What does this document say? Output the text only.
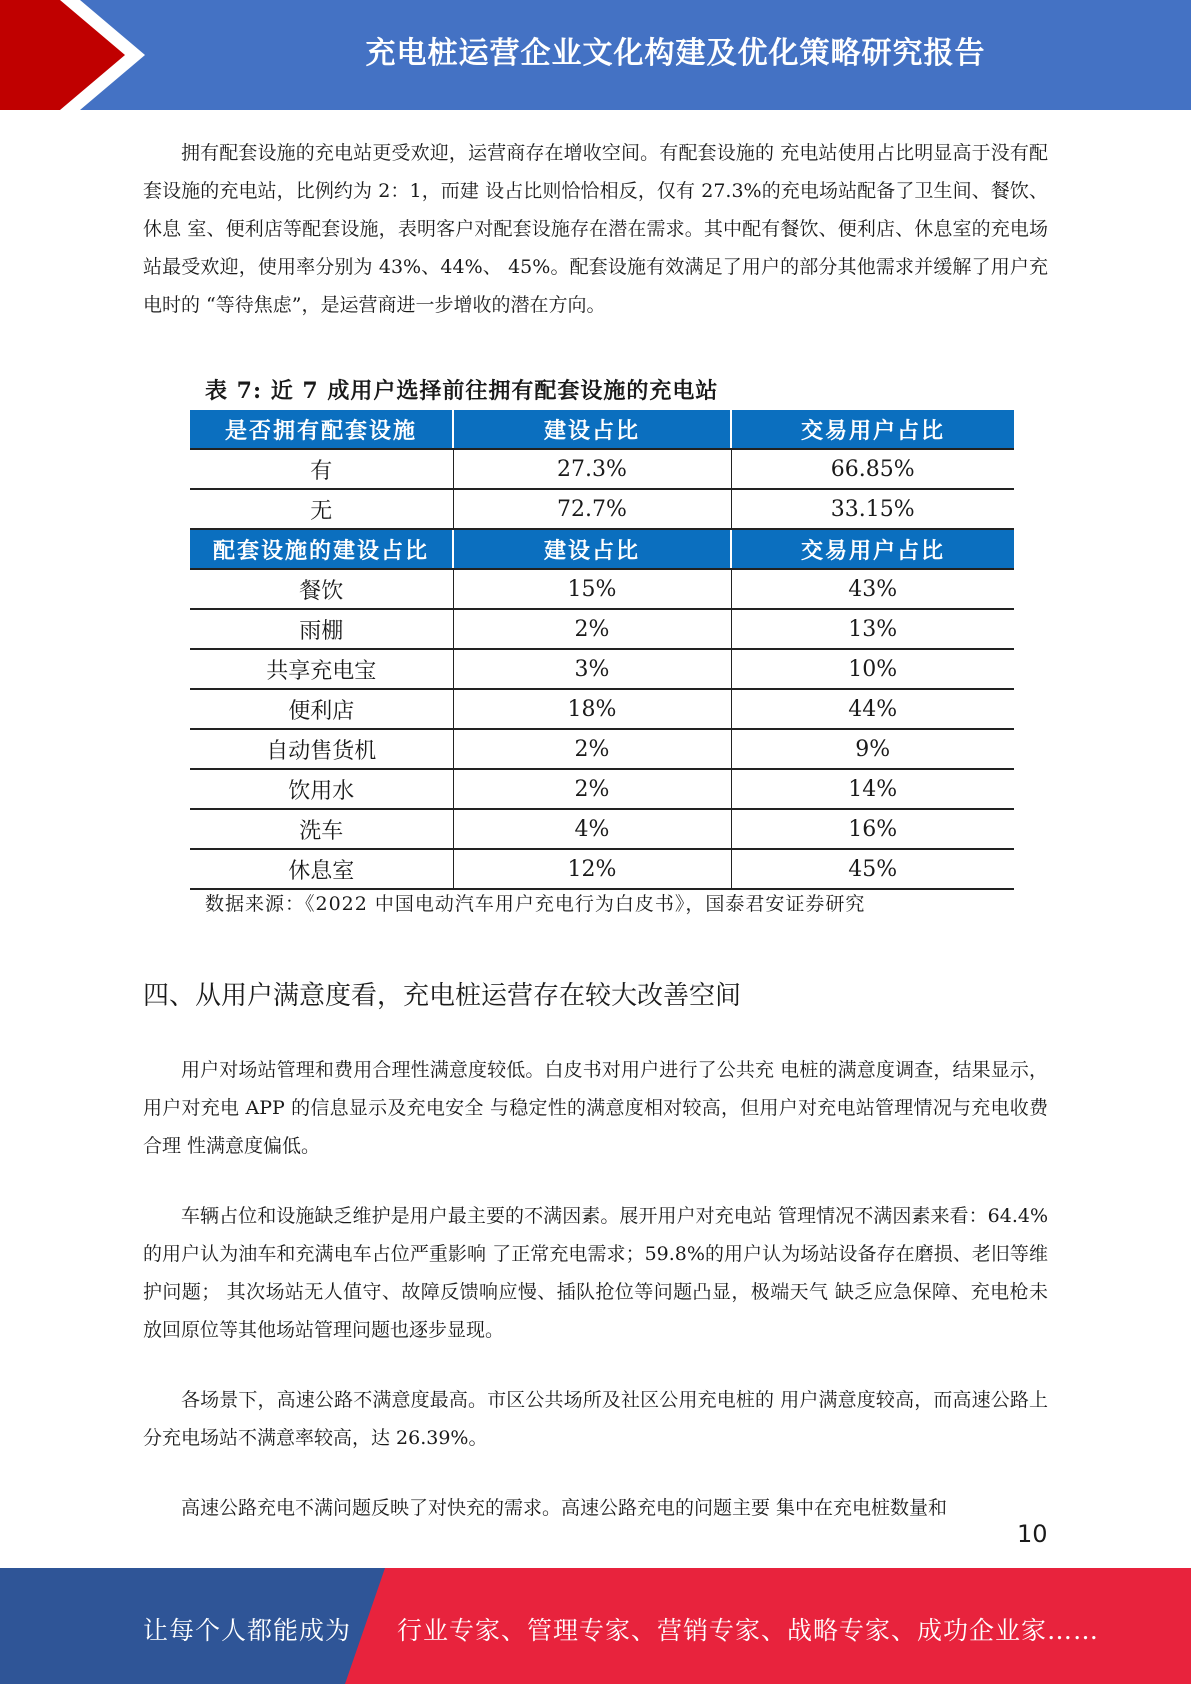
充电桩运营企业文化构建及优化策略研究报告

拥有配套设施的充电站更受欢迎，运营商存在增收空间。有配套设施的 充电站使用占比明显高于没有配套设施的充电站，比例约为 2：1，而建 设占比则恰恰相反，仅有 27.3%的充电场站配备了卫生间、餐饮、休息 室、便利店等配套设施，表明客户对配套设施存在潜在需求。其中配有餐饮、便利店、休息室的充电场站最受欢迎，使用率分别为 43%、44%、 45%。配套设施有效满足了用户的部分其他需求并缓解了用户充电时的 “等待焦虑”，是运营商进一步增收的潜在方向。

表 7: 近 7 成用户选择前往拥有配套设施的充电站
是否拥有配套设施	建设占比	交易用户占比
有	27.3%	66.85%
无	72.7%	33.15%
配套设施的建设占比	建设占比	交易用户占比
餐饮	15%	43%
雨棚	2%	13%
共享充电宝	3%	10%
便利店	18%	44%
自动售货机	2%	9%
饮用水	2%	14%
洗车	4%	16%
休息室	12%	45%
数据来源：《2022 中国电动汽车用户充电行为白皮书》，国泰君安证券研究
四、从用户满意度看，充电桩运营存在较大改善空间

用户对场站管理和费用合理性满意度较低。白皮书对用户进行了公共充 电桩的满意度调查，结果显示，用户对充电 APP 的信息显示及充电安全 与稳定性的满意度相对较高，但用户对充电站管理情况与充电收费合理 性满意度偏低。

车辆占位和设施缺乏维护是用户最主要的不满因素。展开用户对充电站 管理情况不满因素来看：64.4%的用户认为油车和充满电车占位严重影响 了正常充电需求；59.8%的用户认为场站设备存在磨损、老旧等维护问题； 其次场站无人值守、故障反馈响应慢、插队抢位等问题凸显，极端天气 缺乏应急保障、充电枪未放回原位等其他场站管理问题也逐步显现。

各场景下，高速公路不满意度最高。市区公共场所及社区公用充电桩的 用户满意度较高，而高速公路上分充电场站不满意率较高，达 26.39%。

高速公路充电不满问题反映了对快充的需求。高速公路充电的问题主要 集中在充电桩数量和

10
让每个人都能成为 行业专家、管理专家、营销专家、战略专家、成功企业家……
